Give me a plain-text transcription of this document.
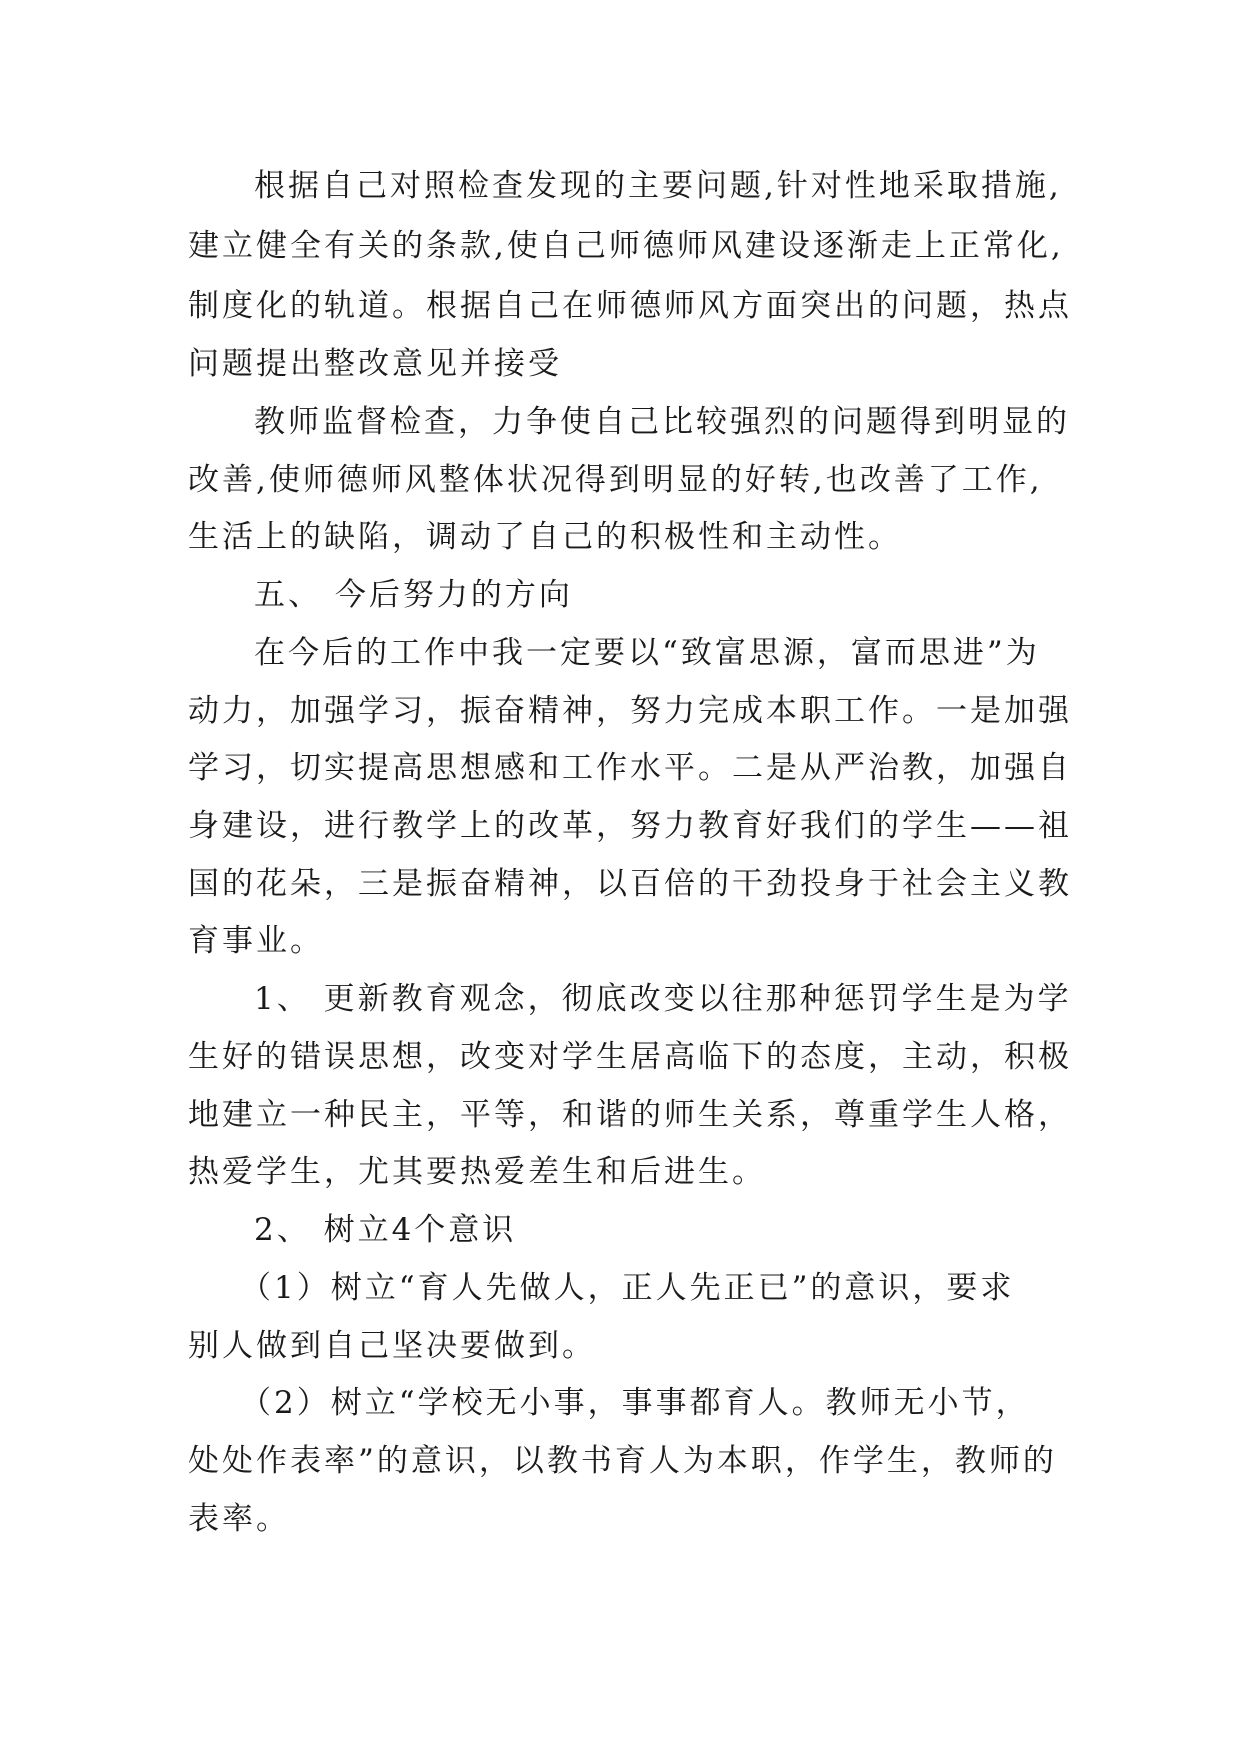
根据自己对照检查发现的主要问题,针对性地采取措施,
建立健全有关的条款,使自己师德师风建设逐渐走上正常化,
制度化的轨道。根据自己在师德师风方面突出的问题，热点
问题提出整改意见并接受
教师监督检查，力争使自己比较强烈的问题得到明显的
改善,使师德师风整体状况得到明显的好转,也改善了工作,
生活上的缺陷，调动了自己的积极性和主动性。
五、 今后努力的方向
在今后的工作中我一定要以“致富思源，富而思进”为
动力，加强学习，振奋精神，努力完成本职工作。一是加强
学习，切实提高思想感和工作水平。二是从严治教，加强自
身建设，进行教学上的改革，努力教育好我们的学生——祖
国的花朵，三是振奋精神，以百倍的干劲投身于社会主义教
育事业。
1、 更新教育观念，彻底改变以往那种惩罚学生是为学
生好的错误思想，改变对学生居高临下的态度，主动，积极
地建立一种民主，平等，和谐的师生关系，尊重学生人格，
热爱学生，尤其要热爱差生和后进生。
2、 树立4个意识
（1）树立“育人先做人，正人先正已”的意识，要求
别人做到自己坚决要做到。
（2）树立“学校无小事，事事都育人。教师无小节，
处处作表率”的意识，以教书育人为本职，作学生，教师的
表率。
